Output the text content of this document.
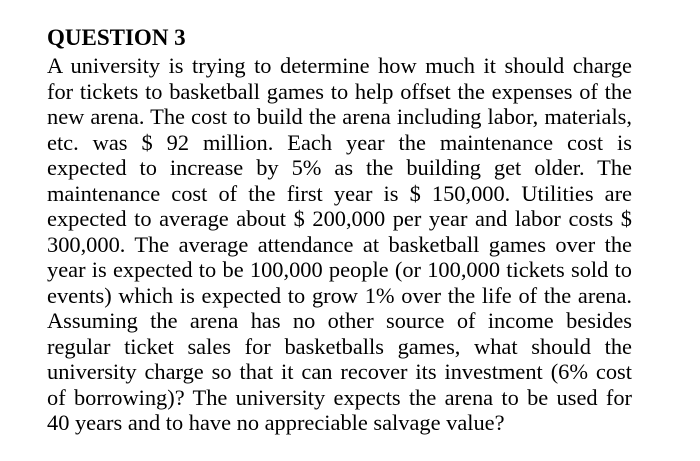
QUESTION 3
A university is trying to determine how much it should charge
for tickets to basketball games to help offset the expenses of the
new arena. The cost to build the arena including labor, materials,
etc. was $ 92 million. Each year the maintenance cost is
expected to increase by 5% as the building get older. The
maintenance cost of the first year is $ 150,000. Utilities are
expected to average about $ 200,000 per year and labor costs $
300,000. The average attendance at basketball games over the
year is expected to be 100,000 people (or 100,000 tickets sold to
events) which is expected to grow 1% over the life of the arena.
Assuming the arena has no other source of income besides
regular ticket sales for basketballs games, what should the
university charge so that it can recover its investment (6% cost
of borrowing)? The university expects the arena to be used for
40 years and to have no appreciable salvage value?
